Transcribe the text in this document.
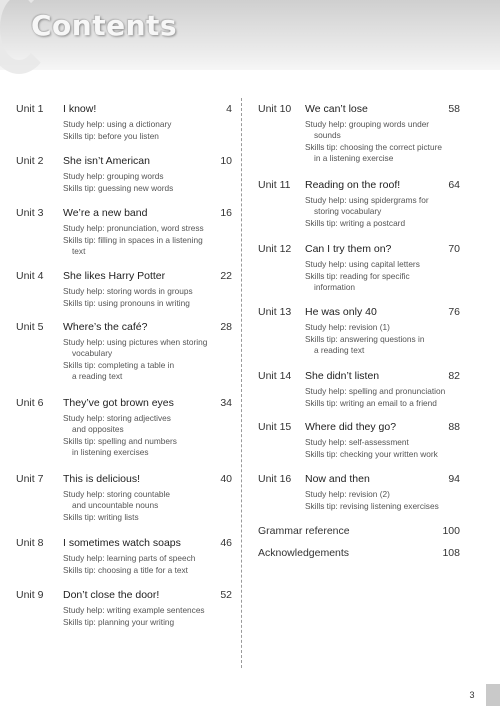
Contents
Unit 1 I know!	4
Study help: using a dictionary
Skills tip: before you listen
Unit 2 She isn’t American	10
Study help: grouping words
Skills tip: guessing new words
Unit 3 We’re a new band	16
Study help: pronunciation, word stress
Skills tip: filling in spaces in a listening
text
Unit 4 She likes Harry Potter	22
Study help: storing words in groups
Skills tip: using pronouns in writing
Unit 5 Where’s the café?	28
Study help: using pictures when storing
vocabulary
Skills tip: completing a table in
a reading text
Unit 6 They’ve got brown eyes	34
Study help: storing adjectives
and opposites
Skills tip: spelling and numbers
in listening exercises
Unit 7 This is delicious!	40
Study help: storing countable
and uncountable nouns
Skills tip: writing lists
Unit 8 I sometimes watch soaps	46
Study help: learning parts of speech
Skills tip: choosing a title for a text
Unit 9 Don’t close the door!	52
Study help: writing example sentences
Skills tip: planning your writing
Unit 10 We can’t lose	58
Study help: grouping words under
sounds
Skills tip: choosing the correct picture
in a listening exercise
Unit 11 Reading on the roof!	64
Study help: using spidergrams for
storing vocabulary
Skills tip: writing a postcard
Unit 12 Can I try them on?	70
Study help: using capital letters
Skills tip: reading for specific
information
Unit 13 He was only 40	76
Study help: revision (1)
Skills tip: answering questions in
a reading text
Unit 14 She didn’t listen	82
Study help: spelling and pronunciation
Skills tip: writing an email to a friend
Unit 15 Where did they go?	88
Study help: self-assessment
Skills tip: checking your written work
Unit 16 Now and then	94
Study help: revision (2)
Skills tip: revising listening exercises
Grammar reference	100
Acknowledgements	108
3
